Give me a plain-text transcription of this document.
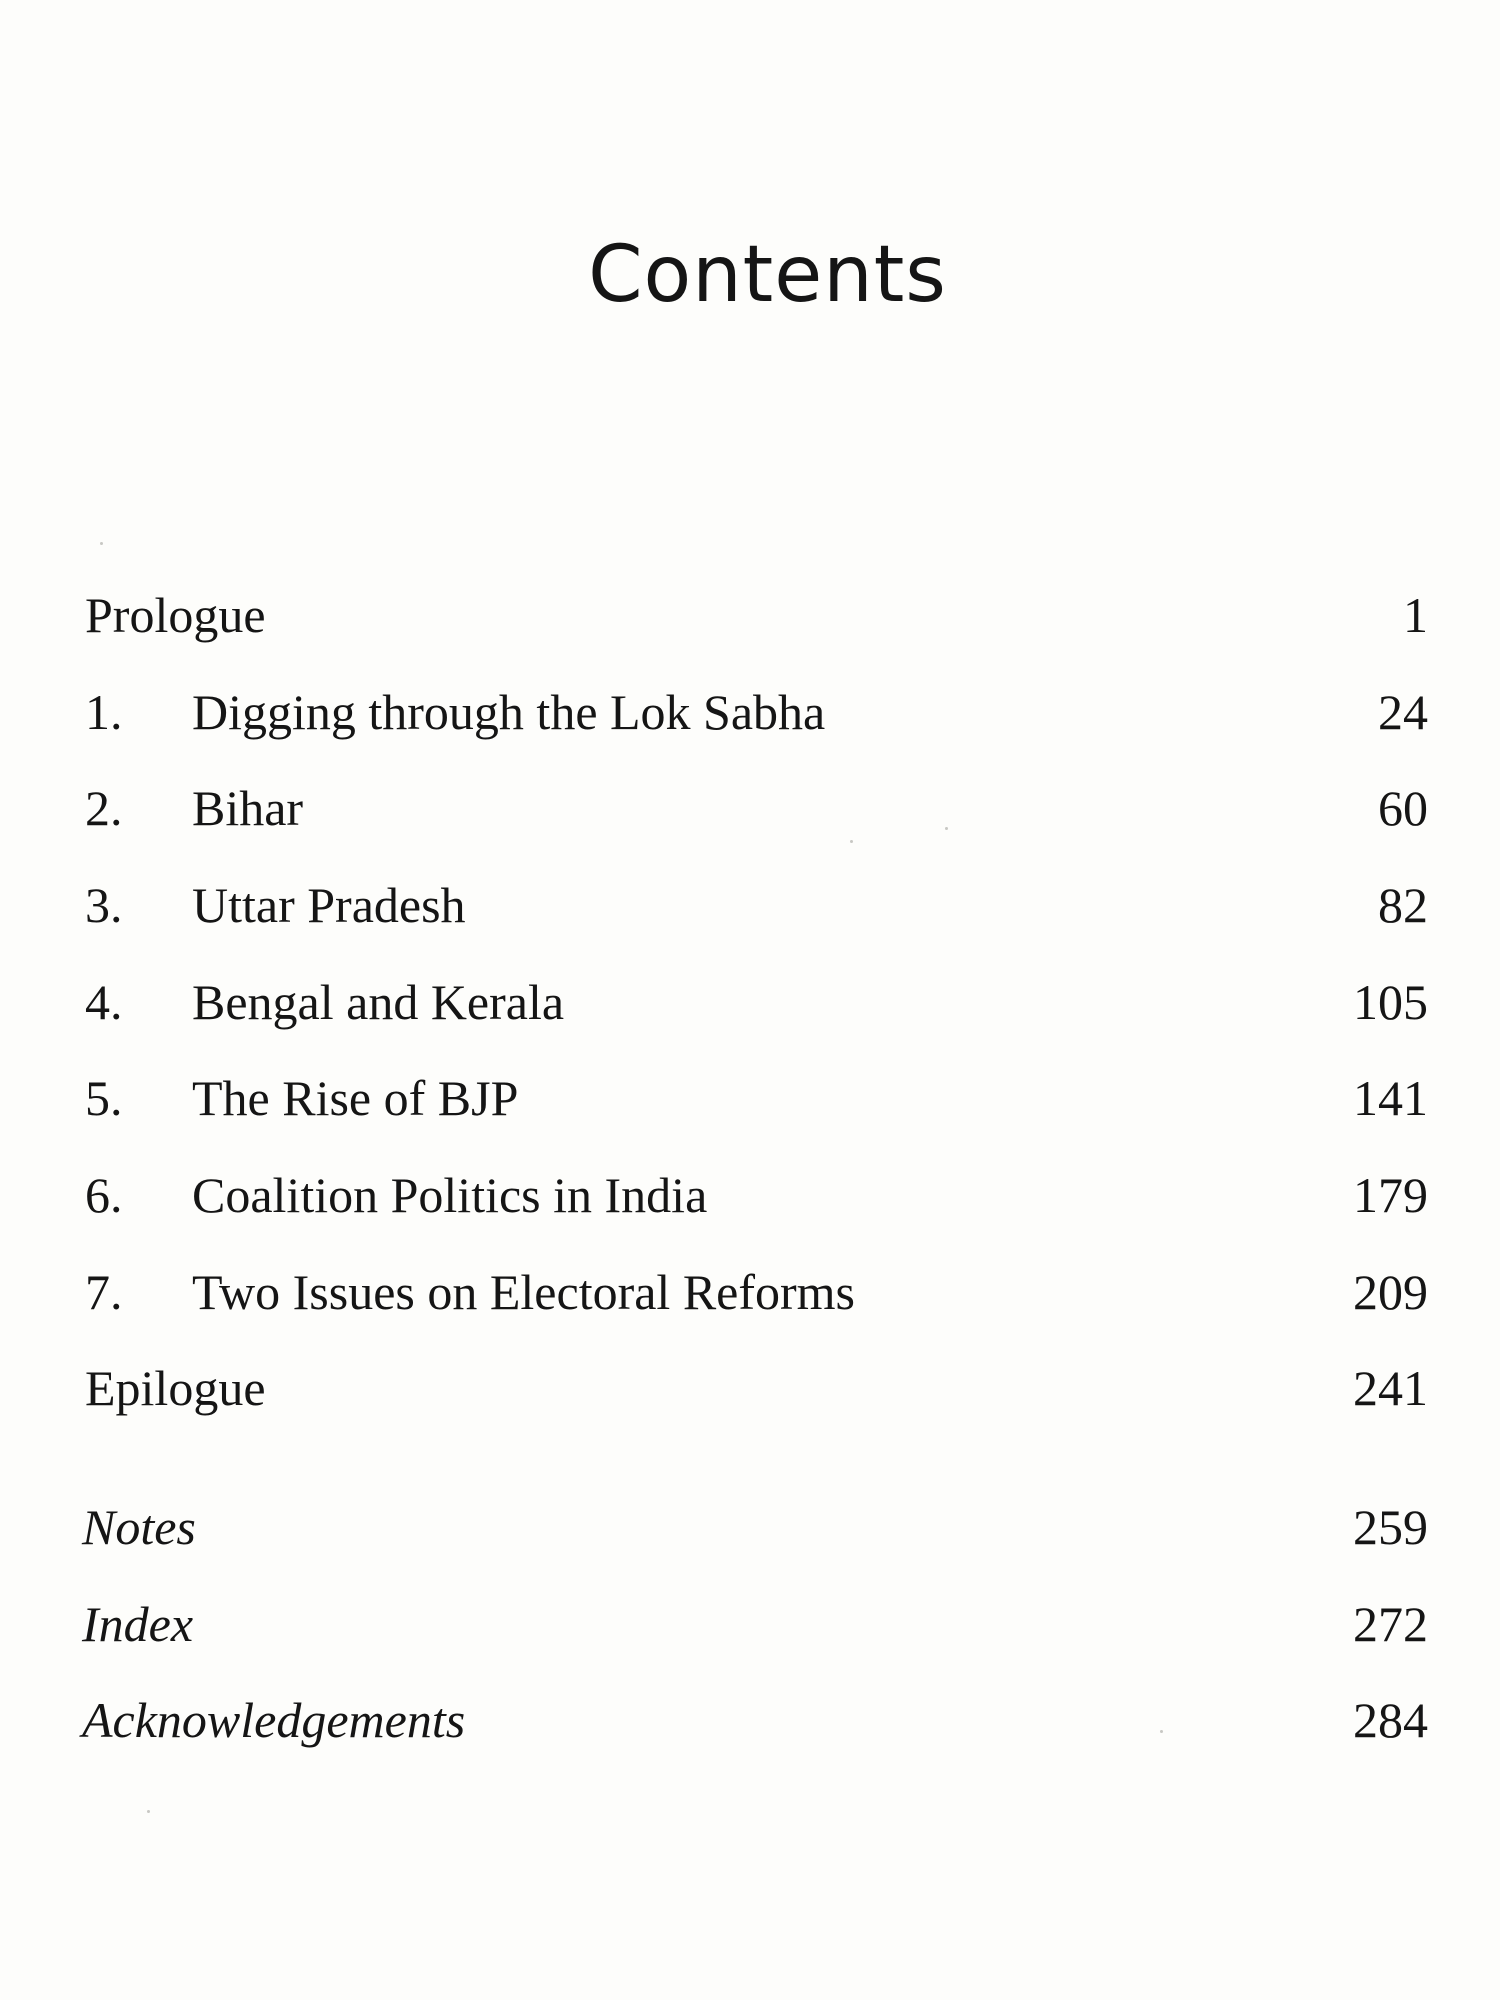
Contents
Prologue	1
1. Digging through the Lok Sabha	24
2. Bihar	60
3. Uttar Pradesh	82
4. Bengal and Kerala	105
5. The Rise of BJP	141
6. Coalition Politics in India	179
7. Two Issues on Electoral Reforms	209
Epilogue	241
Notes	259
Index	272
Acknowledgements	284
